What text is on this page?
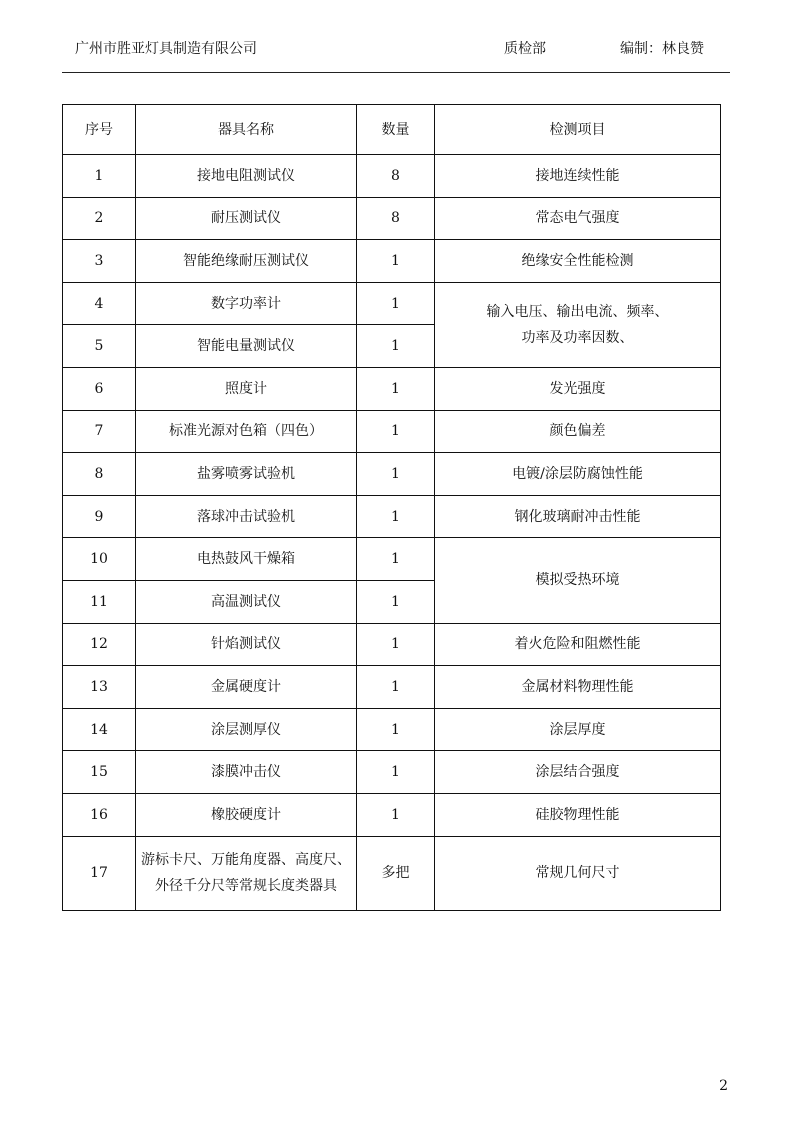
广州市胜亚灯具制造有限公司	质检部	编制：林良赞
序号	器具名称	数量	检测项目
1	接地电阻测试仪	8	接地连续性能
2	耐压测试仪	8	常态电气强度
3	智能绝缘耐压测试仪	1	绝缘安全性能检测
4	数字功率计	1	输入电压、输出电流、频率、
功率及功率因数、

5	智能电量测试仪	1	
6	照度计	1	发光强度
7	标准光源对色箱（四色）	1	颜色偏差
8	盐雾喷雾试验机	1	电镀/涂层防腐蚀性能
9	落球冲击试验机	1	钢化玻璃耐冲击性能
10	电热鼓风干燥箱	1	模拟受热环境
11	高温测试仪	1	
12	针焰测试仪	1	着火危险和阻燃性能
13	金属硬度计	1	金属材料物理性能
14	涂层测厚仪	1	涂层厚度
15	漆膜冲击仪	1	涂层结合强度
16	橡胶硬度计	1	硅胶物理性能
17	游标卡尺、万能角度器、高度尺、
外径千分尺等常规长度类器具	多把	常规几何尺寸
2
